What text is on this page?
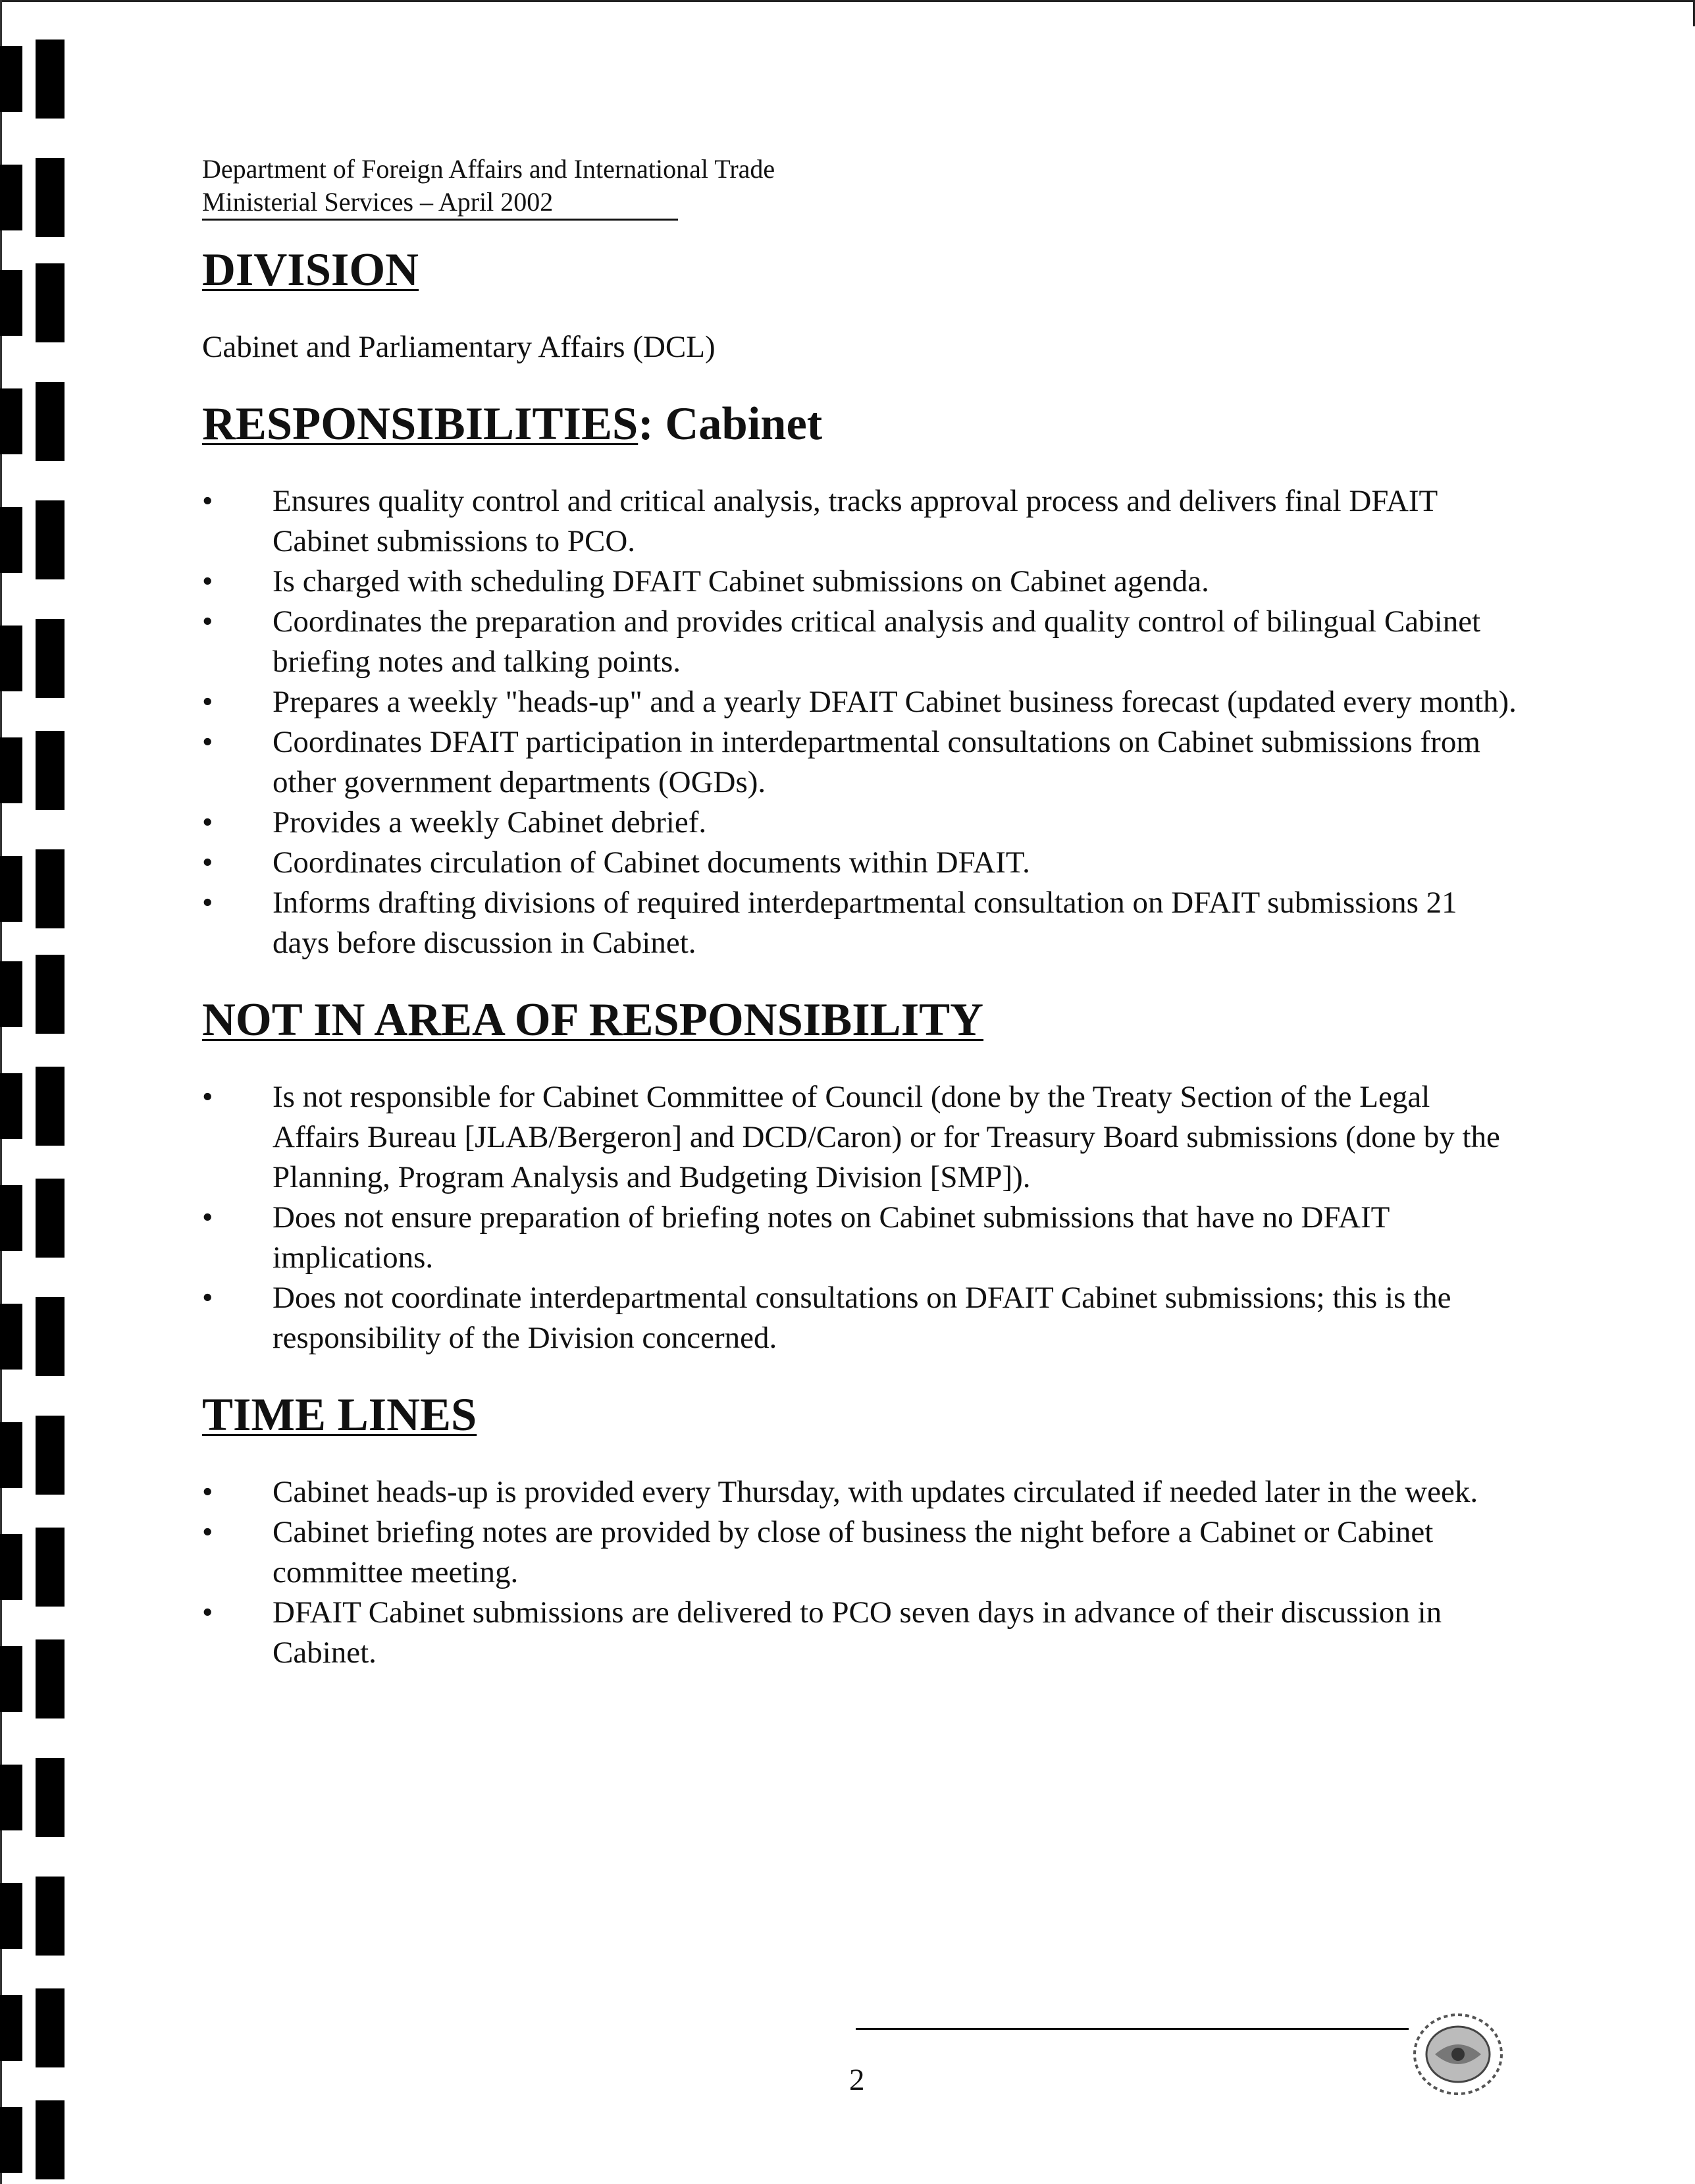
Department of Foreign Affairs and International Trade
Ministerial Services – April 2002
DIVISION

Cabinet and Parliamentary Affairs (DCL)

RESPONSIBILITIES: Cabinet
•	Ensures quality control and critical analysis, tracks approval process and delivers final DFAIT Cabinet submissions to PCO.
•	Is charged with scheduling DFAIT Cabinet submissions on Cabinet agenda.
•	Coordinates the preparation and provides critical analysis and quality control of bilingual Cabinet briefing notes and talking points.
•	Prepares a weekly "heads-up" and a yearly DFAIT Cabinet business forecast (updated every month).
•	Coordinates DFAIT participation in interdepartmental consultations on Cabinet submissions from other government departments (OGDs).
•	Provides a weekly Cabinet debrief.
•	Coordinates circulation of Cabinet documents within DFAIT.
•	Informs drafting divisions of required interdepartmental consultation on DFAIT submissions 21 days before discussion in Cabinet.
NOT IN AREA OF RESPONSIBILITY
•	Is not responsible for Cabinet Committee of Council (done by the Treaty Section of the Legal Affairs Bureau [JLAB/Bergeron] and DCD/Caron) or for Treasury Board submissions (done by the Planning, Program Analysis and Budgeting Division [SMP]).
•	Does not ensure preparation of briefing notes on Cabinet submissions that have no DFAIT implications.
•	Does not coordinate interdepartmental consultations on DFAIT Cabinet submissions; this is the responsibility of the Division concerned.
TIME LINES
•	Cabinet heads-up is provided every Thursday, with updates circulated if needed later in the week.
•	Cabinet briefing notes are provided by close of business the night before a Cabinet or Cabinet committee meeting.
•	DFAIT Cabinet submissions are delivered to PCO seven days in advance of their discussion in Cabinet.
2
